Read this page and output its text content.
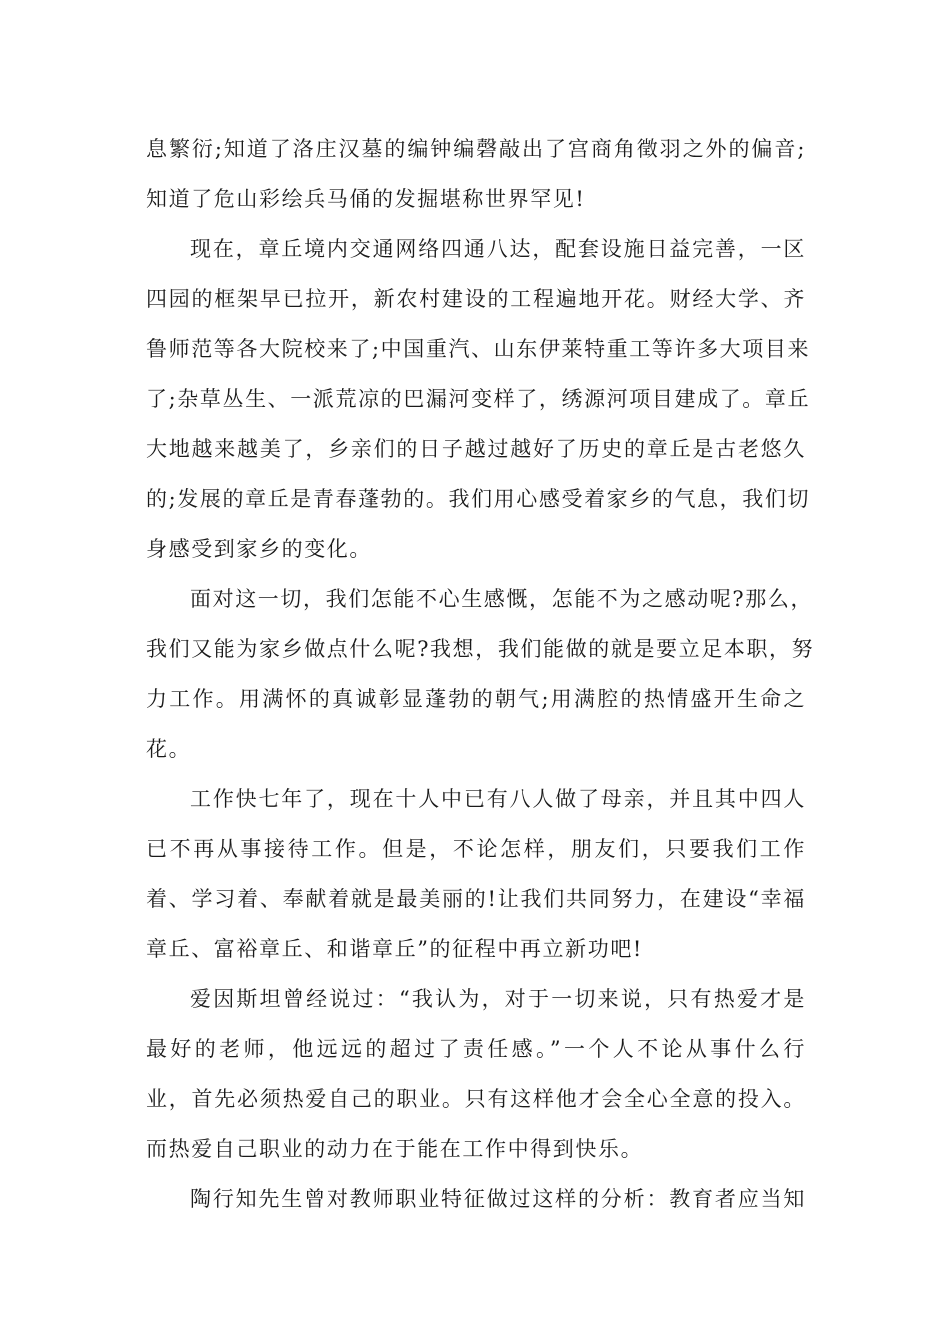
息繁衍;知道了洛庄汉墓的编钟编磬敲出了宫商角徵羽之外的偏音;
知道了危山彩绘兵马俑的发掘堪称世界罕见!
现在，章丘境内交通网络四通八达，配套设施日益完善，一区
四园的框架早已拉开，新农村建设的工程遍地开花。财经大学、齐
鲁师范等各大院校来了;中国重汽、山东伊莱特重工等许多大项目来
了;杂草丛生、一派荒凉的巴漏河变样了，绣源河项目建成了。章丘
大地越来越美了，乡亲们的日子越过越好了历史的章丘是古老悠久
的;发展的章丘是青春蓬勃的。我们用心感受着家乡的气息，我们切
身感受到家乡的变化。
面对这一切，我们怎能不心生感慨，怎能不为之感动呢?那么，
我们又能为家乡做点什么呢?我想，我们能做的就是要立足本职，努
力工作。用满怀的真诚彰显蓬勃的朝气;用满腔的热情盛开生命之
花。
工作快七年了，现在十人中已有八人做了母亲，并且其中四人
已不再从事接待工作。但是，不论怎样，朋友们，只要我们工作
着、学习着、奉献着就是最美丽的!让我们共同努力，在建设“幸福
章丘、富裕章丘、和谐章丘”的征程中再立新功吧!
爱因斯坦曾经说过：“我认为，对于一切来说，只有热爱才是
最好的老师，他远远的超过了责任感。”一个人不论从事什么行
业，首先必须热爱自己的职业。只有这样他才会全心全意的投入。
而热爱自己职业的动力在于能在工作中得到快乐。
陶行知先生曾对教师职业特征做过这样的分析：教育者应当知
